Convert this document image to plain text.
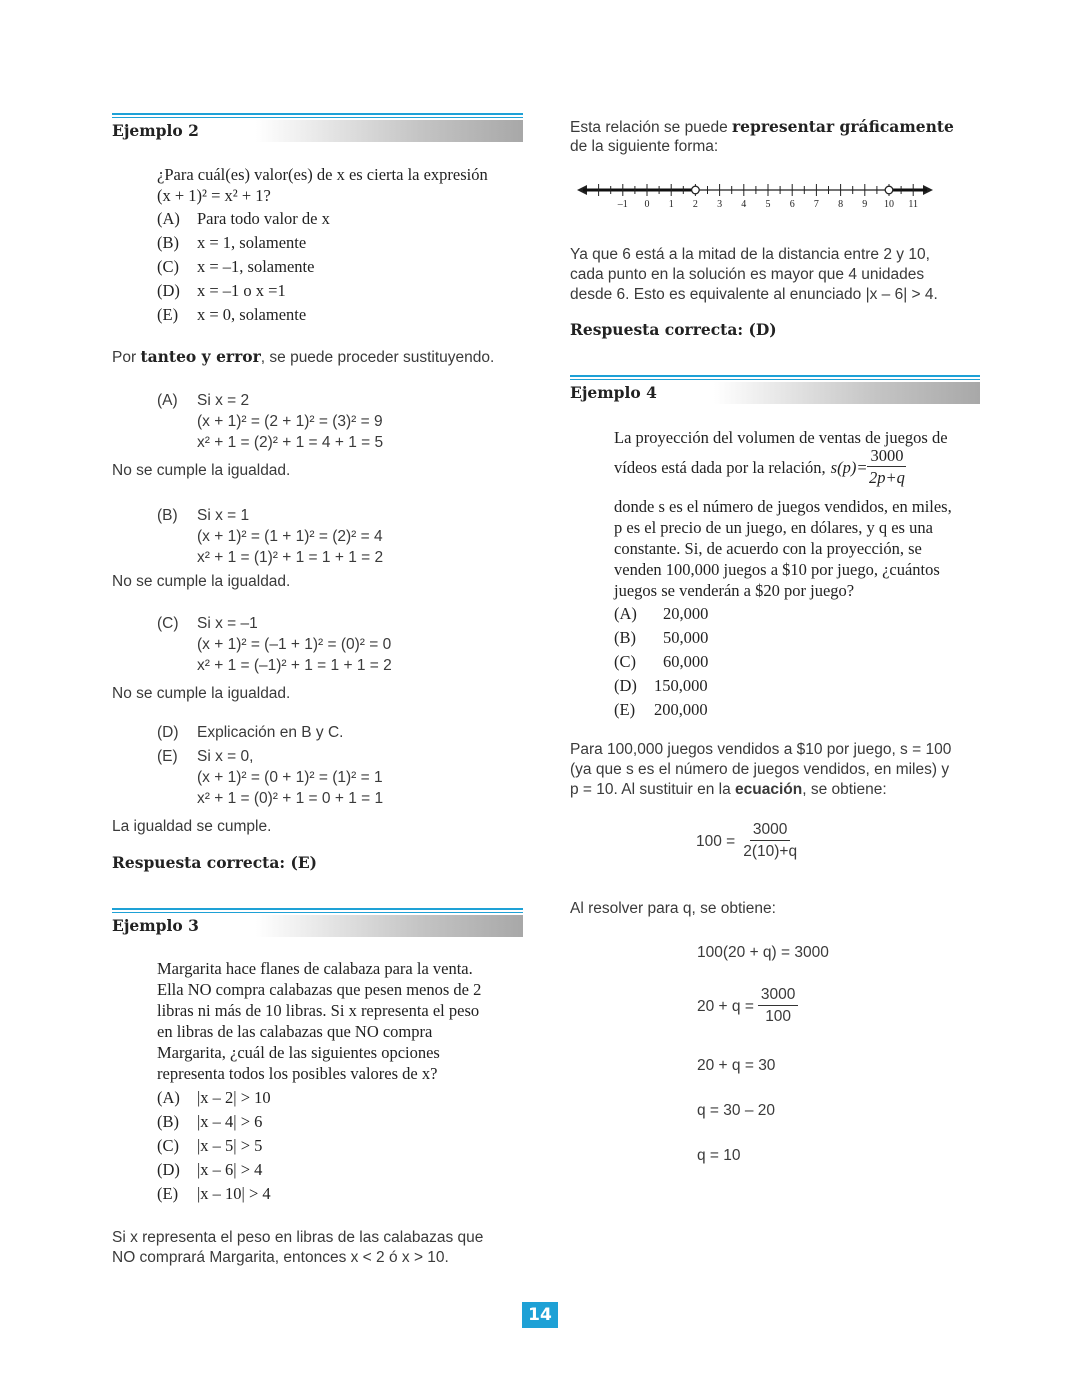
Ejemplo 2
¿Para cuál(es) valor(es) de x es cierta la expresión
(x + 1)² = x² + 1?
(A) Para todo valor de x
(B) x = 1, solamente
(C) x = –1, solamente
(D) x = –1 o x =1
(E) x = 0, solamente
Por tanteo y error, se puede proceder sustituyendo.
(A) Si x = 2
(x + 1)² = (2 + 1)² = (3)² = 9
x² + 1 = (2)² + 1 = 4 + 1 = 5
No se cumple la igualdad.
(B) Si x = 1
(x + 1)² = (1 + 1)² = (2)² = 4
x² + 1 = (1)² + 1 = 1 + 1 = 2
No se cumple la igualdad.
(C) Si x = –1
(x + 1)² = (–1 + 1)² = (0)² = 0
x² + 1 = (–1)² + 1 = 1 + 1 = 2
No se cumple la igualdad.
(D) Explicación en B y C.
(E) Si x = 0,
(x + 1)² = (0 + 1)² = (1)² = 1
x² + 1 = (0)² + 1 = 0 + 1 = 1
La igualdad se cumple.
Respuesta correcta: (E)
Ejemplo 3
Margarita hace flanes de calabaza para la venta.
Ella NO compra calabazas que pesen menos de 2
libras ni más de 10 libras. Si x representa el peso
en libras de las calabazas que NO compra
Margarita, ¿cuál de las siguientes opciones
representa todos los posibles valores de x?
(A) |x – 2| > 10
(B) |x – 4| > 6
(C) |x – 5| > 5
(D) |x – 6| > 4
(E) |x – 10| > 4
Si x representa el peso en libras de las calabazas que
NO comprará Margarita, entonces x < 2 ó x > 10.
Esta relación se puede representar gráficamente
de la siguiente forma:
–1 0 1 2 3 4 5 6 7 8 9 10 11
Ya que 6 está a la mitad de la distancia entre 2 y 10,
cada punto en la solución es mayor que 4 unidades
desde 6. Esto es equivalente al enunciado |x – 6| > 4.
Respuesta correcta: (D)
Ejemplo 4
La proyección del volumen de ventas de juegos de
vídeos está dada por la relación, $s(p)= \frac{3000}{2p+q}$
donde s es el número de juegos vendidos, en miles,
p es el precio de un juego, en dólares, y q es una
constante. Si, de acuerdo con la proyección, se
venden 100,000 juegos a $10 por juego, ¿cuántos
juegos se venderán a $20 por juego?
(A) 20,000
(B) 50,000
(C) 60,000
(D) 150,000
(E) 200,000
Para 100,000 juegos vendidos a $10 por juego, s = 100
(ya que s es el número de juegos vendidos, en miles) y
p = 10. Al sustituir en la ecuación, se obtiene:
$100 = \frac{3000}{2(10)+q}$
Al resolver para q, se obtiene:
100(20 + q) = 3000
$20 + q = \frac{3000}{100}$
20 + q = 30
q = 30 – 20
q = 10
14
